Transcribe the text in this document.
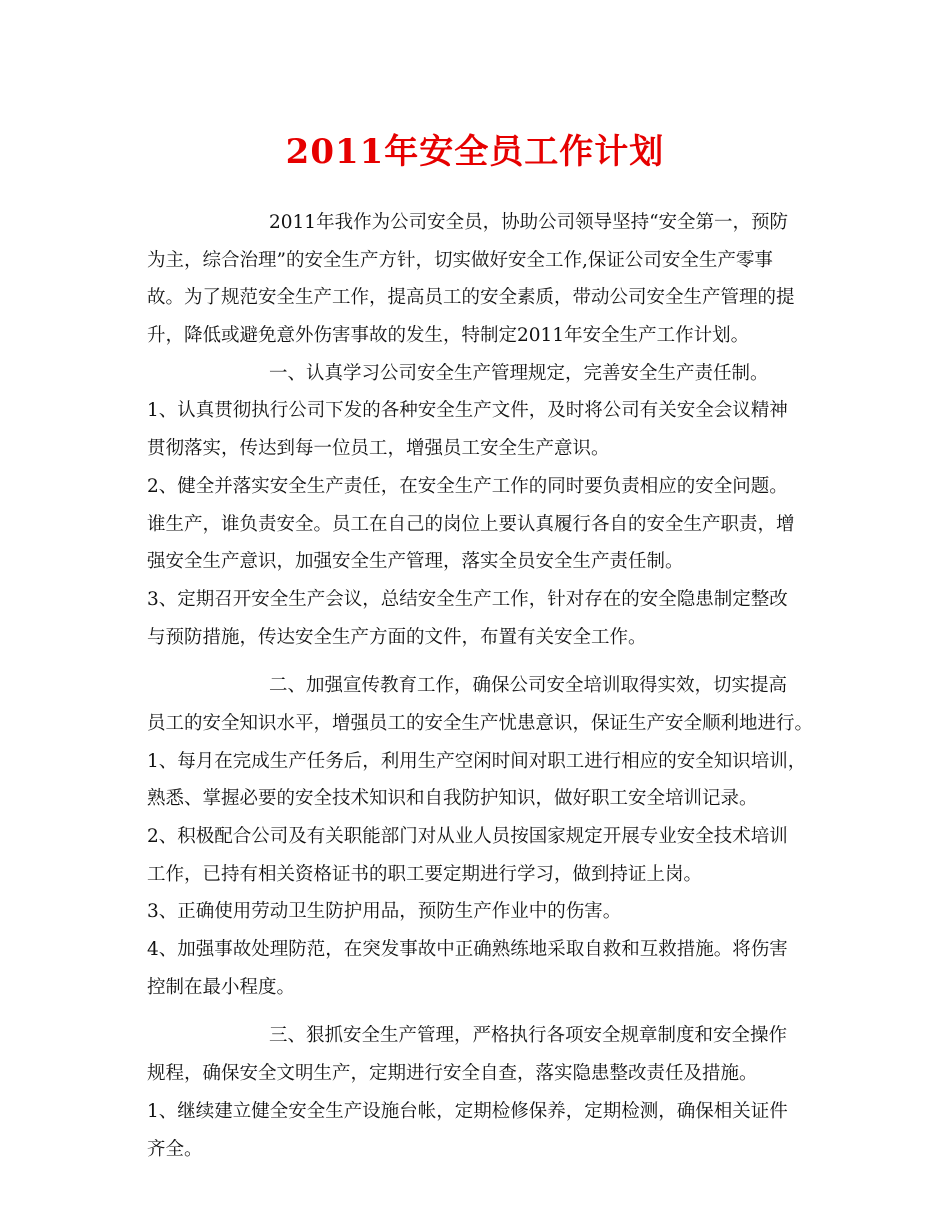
2011年安全员工作计划
2011年我作为公司安全员，协助公司领导坚持“安全第一，预防
为主，综合治理”的安全生产方针，切实做好安全工作,保证公司安全生产零事
故。为了规范安全生产工作，提高员工的安全素质，带动公司安全生产管理的提
升，降低或避免意外伤害事故的发生，特制定2011年安全生产工作计划。
一、认真学习公司安全生产管理规定，完善安全生产责任制。
1、认真贯彻执行公司下发的各种安全生产文件，及时将公司有关安全会议精神
贯彻落实，传达到每一位员工，增强员工安全生产意识。
2、健全并落实安全生产责任，在安全生产工作的同时要负责相应的安全问题。
谁生产，谁负责安全。员工在自己的岗位上要认真履行各自的安全生产职责，增
强安全生产意识，加强安全生产管理，落实全员安全生产责任制。
3、定期召开安全生产会议，总结安全生产工作，针对存在的安全隐患制定整改
与预防措施，传达安全生产方面的文件，布置有关安全工作。
二、加强宣传教育工作，确保公司安全培训取得实效，切实提高
员工的安全知识水平，增强员工的安全生产忧患意识，保证生产安全顺利地进行。
1、每月在完成生产任务后，利用生产空闲时间对职工进行相应的安全知识培训，
熟悉、掌握必要的安全技术知识和自我防护知识，做好职工安全培训记录。
2、积极配合公司及有关职能部门对从业人员按国家规定开展专业安全技术培训
工作，已持有相关资格证书的职工要定期进行学习，做到持证上岗。
3、正确使用劳动卫生防护用品，预防生产作业中的伤害。
4、加强事故处理防范，在突发事故中正确熟练地采取自救和互救措施。将伤害
控制在最小程度。
三、狠抓安全生产管理，严格执行各项安全规章制度和安全操作
规程，确保安全文明生产，定期进行安全自查，落实隐患整改责任及措施。
1、继续建立健全安全生产设施台帐，定期检修保养，定期检测，确保相关证件
齐全。
